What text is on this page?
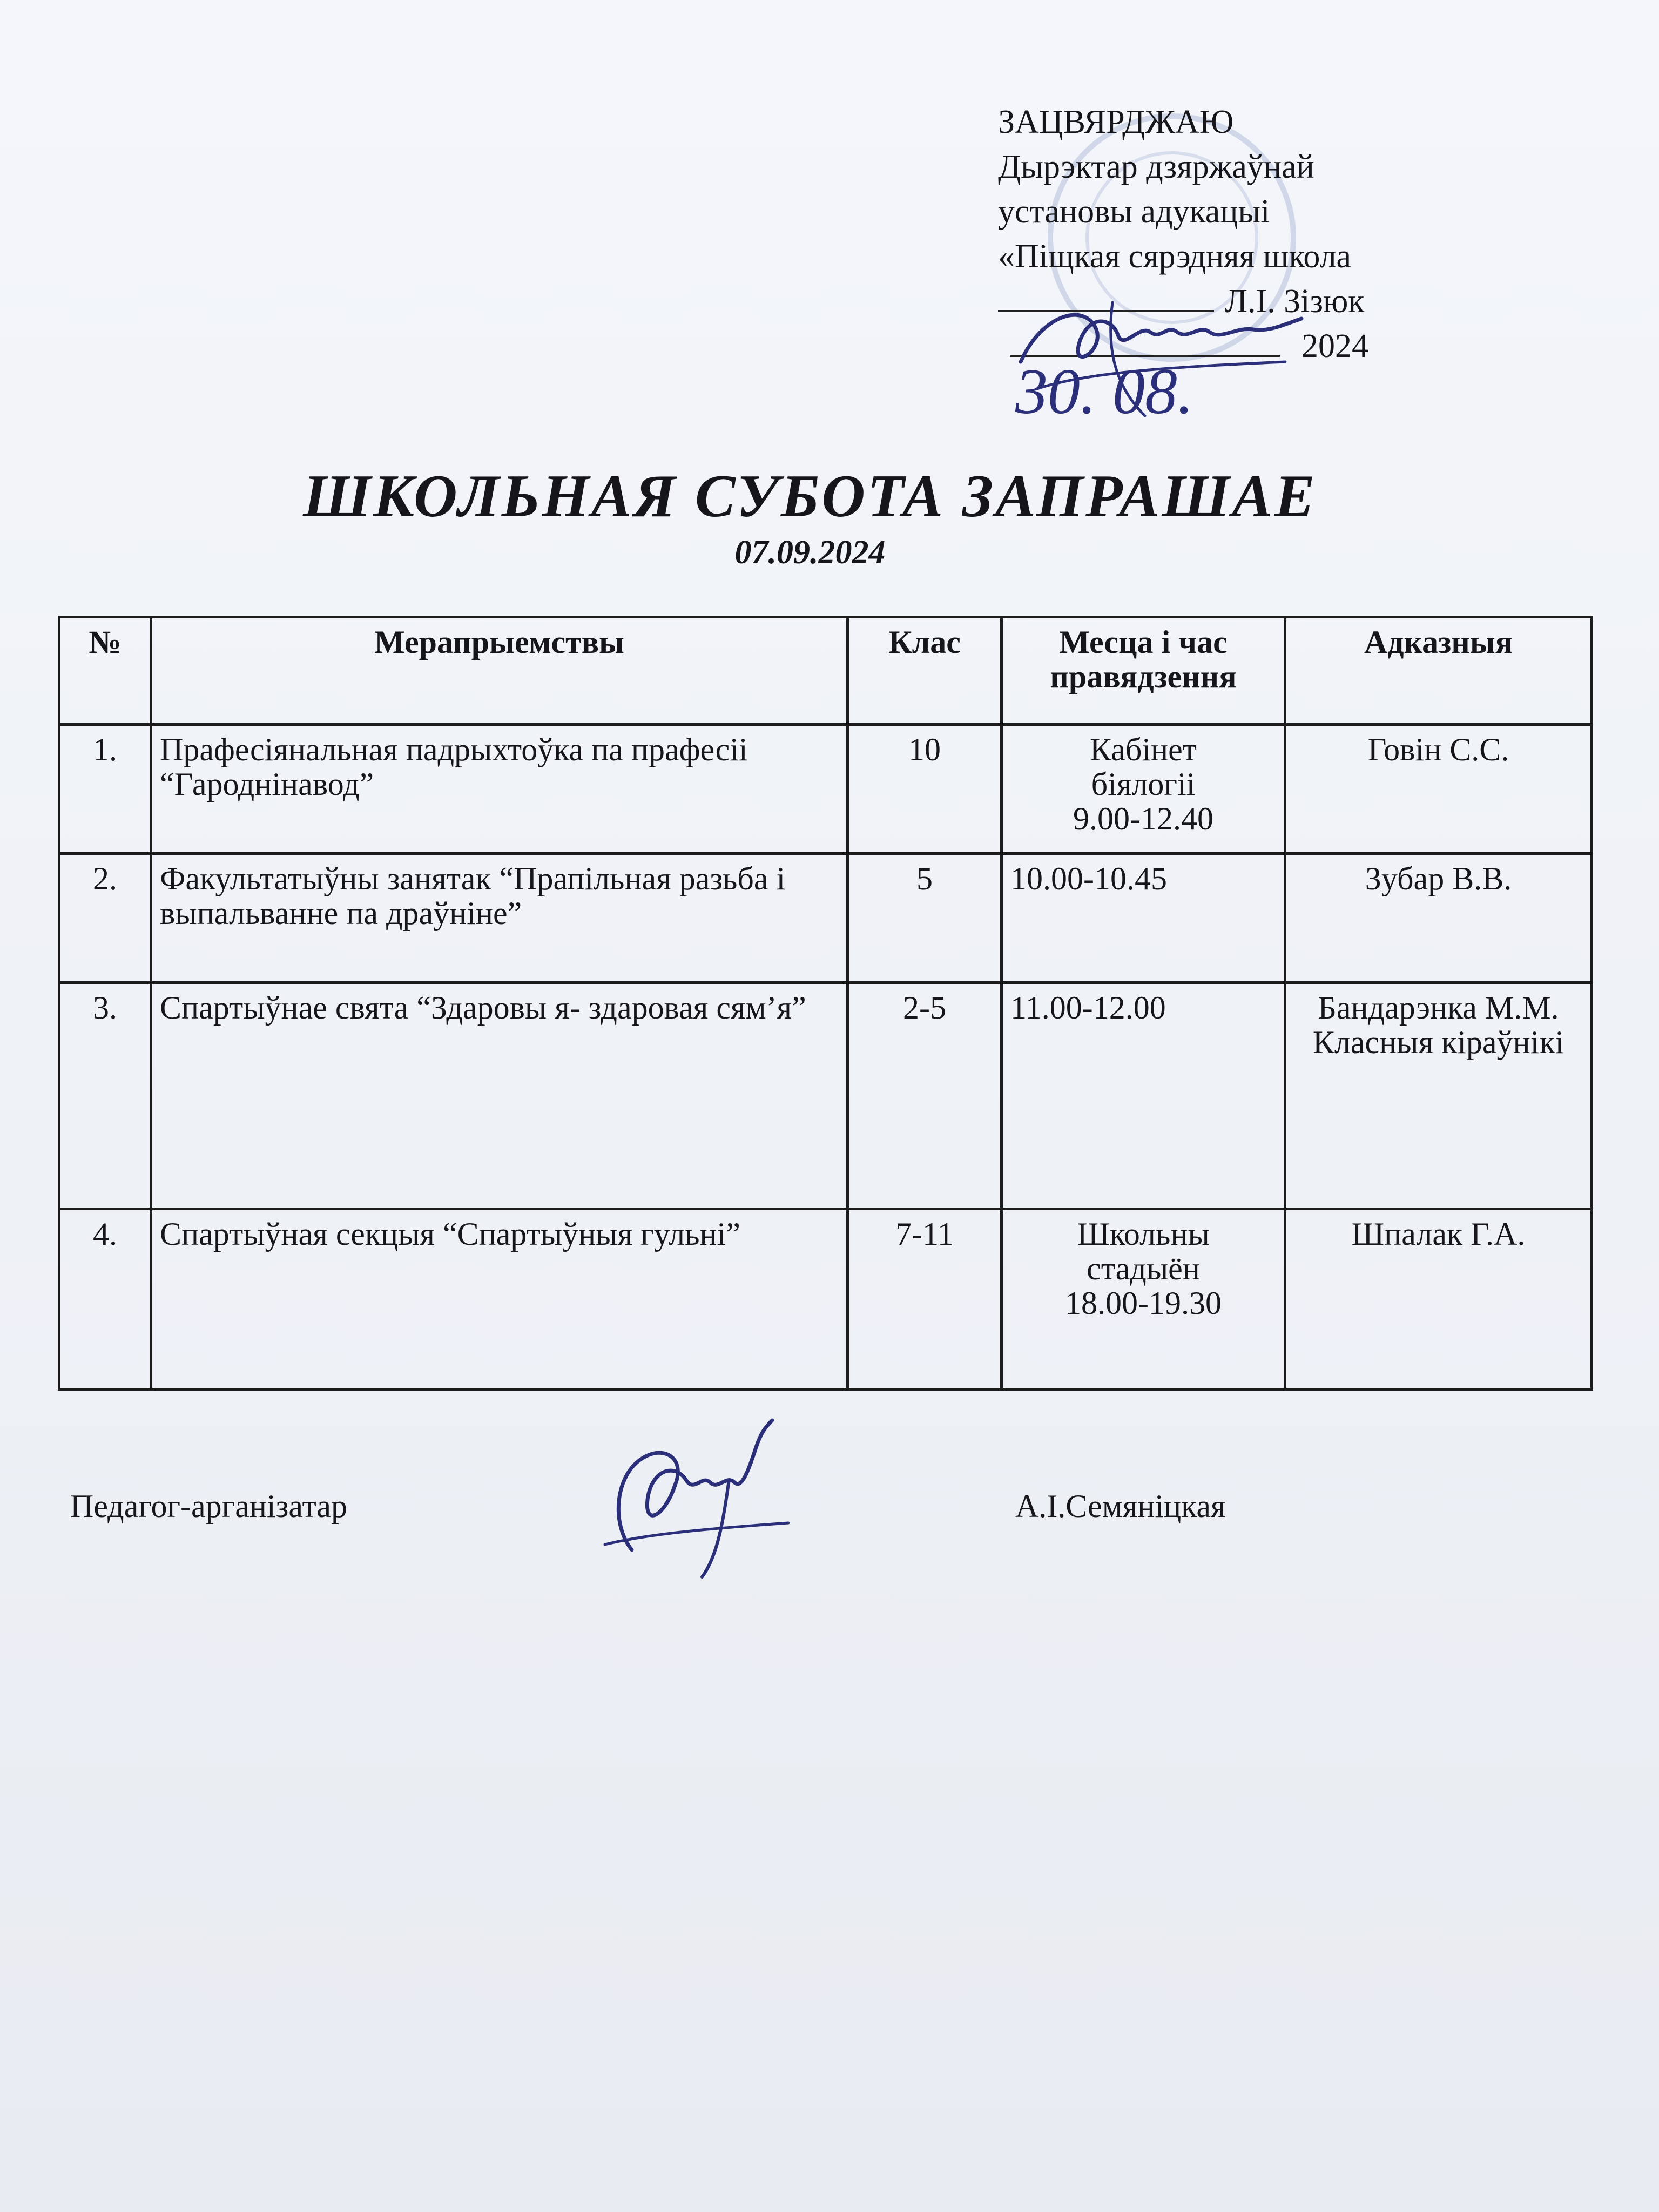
ЗАЦВЯРДЖАЮ
Дырэктар дзяржаўнай
установы адукацыі
«Піщкая сярэдняя школа
Л.І. Зізюк
2024
30. 08.
ШКОЛЬНАЯ СУБОТА ЗАПРАШАЕ
07.09.2024
№	Мерапрыемствы	Клас	Месца і час правядзення	Адказныя
1.	Прафесіянальная падрыхтоўка па прафесіі “Гароднінавод”	10	Кабінет
біялогіі
9.00-12.40	Говін С.С.

2.	Факультатыўны занятак “Прапільная разьба і выпальванне па драўніне”	5	10.00-10.45	Зубар В.В.

3.	Спартыўнае свята “Здаровы я- здаровая сям’я”	2-5	11.00-12.00	Бандарэнка М.М.
Класныя кіраўнікі

4.	Спартыўная секцыя “Спартыўныя гульні”	7-11	Школьны
стадыён
18.00-19.30	Шпалак Г.А.
Педагог-арганізатар	А.І.Семяніцкая
